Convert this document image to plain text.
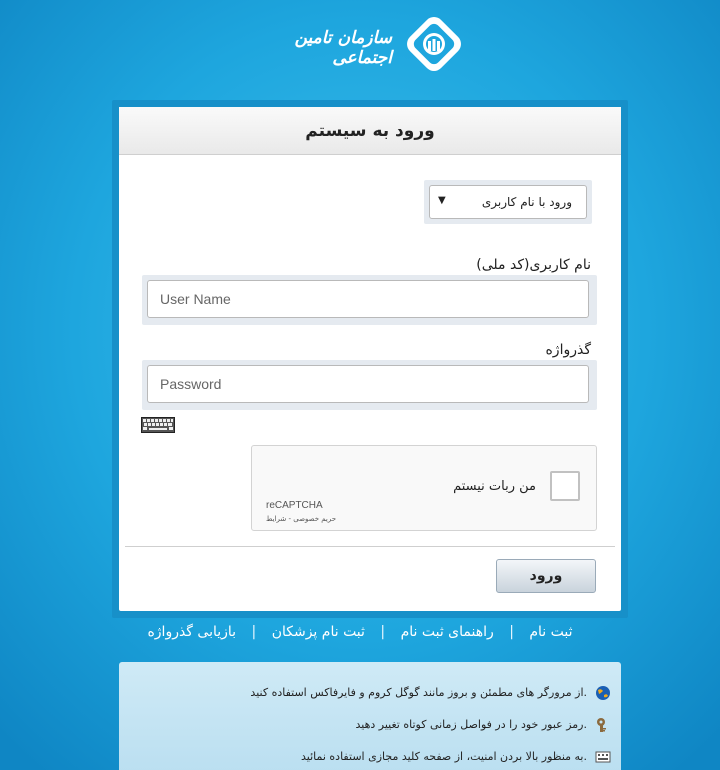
سازمان تامین اجتماعی
ورود به سیستم
ورود با نام کاربری
▼
نام کاربری(کد ملی)
User Name
گذرواژه
من ربات نیستم
reCAPTCHA
حریم خصوصی - شرایط
ورود
ثبت نام | راهنمای ثبت نام | ثبت نام پزشکان | بازیابی گذرواژه
از مرورگر های مطمئن و بروز مانند گوگل کروم و فایرفاکس استفاده کنید.
رمز عبور خود را در فواصل زمانی کوتاه تغییر دهید.
به منظور بالا بردن امنیت، از صفحه کلید مجازی استفاده نمائید.
